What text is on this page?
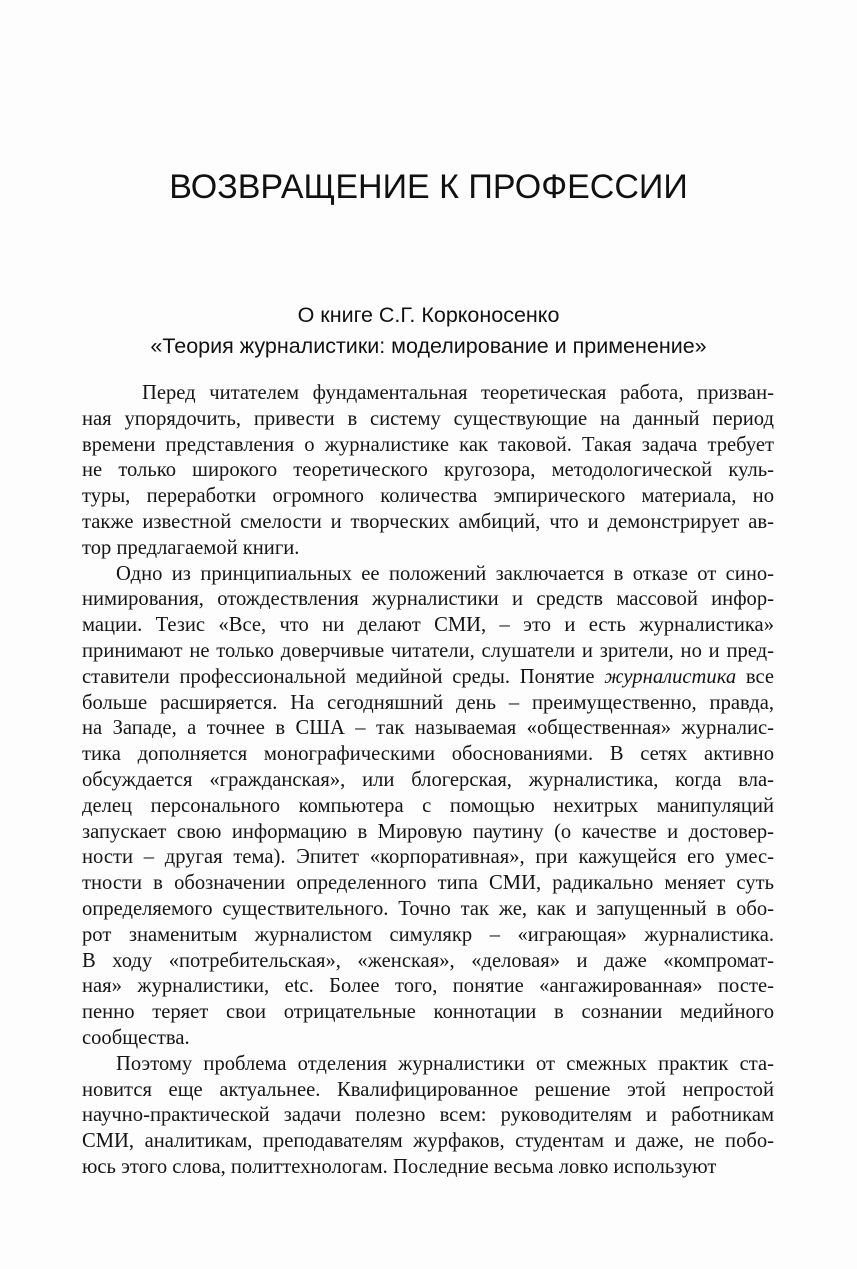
ВОЗВРАЩЕНИЕ К ПРОФЕССИИ
О книге С.Г. Корконосенко
«Теория журналистики: моделирование и применение»
Перед читателем фундаментальная теоретическая работа, призван-
ная упорядочить, привести в систему существующие на данный период
времени представления о журналистике как таковой. Такая задача требует
не только широкого теоретического кругозора, методологической куль-
туры, переработки огромного количества эмпирического материала, но
также известной смелости и творческих амбиций, что и демонстрирует ав-
тор предлагаемой книги.
Одно из принципиальных ее положений заключается в отказе от сино-
нимирования, отождествления журналистики и средств массовой инфор-
мации. Тезис «Все, что ни делают СМИ, – это и есть журналистика»
принимают не только доверчивые читатели, слушатели и зрители, но и пред-
ставители профессиональной медийной среды. Понятие журналистика все
больше расширяется. На сегодняшний день – преимущественно, правда,
на Западе, а точнее в США – так называемая «общественная» журналис-
тика дополняется монографическими обоснованиями. В сетях активно
обсуждается «гражданская», или блогерская, журналистика, когда вла-
делец персонального компьютера с помощью нехитрых манипуляций
запускает свою информацию в Мировую паутину (о качестве и достовер-
ности – другая тема). Эпитет «корпоративная», при кажущейся его умес-
тности в обозначении определенного типа СМИ, радикально меняет суть
определяемого существительного. Точно так же, как и запущенный в обо-
рот знаменитым журналистом симулякр – «играющая» журналистика.
В ходу «потребительская», «женская», «деловая» и даже «компромат-
ная» журналистики, etc. Более того, понятие «ангажированная» посте-
пенно теряет свои отрицательные коннотации в сознании медийного
сообщества.
Поэтому проблема отделения журналистики от смежных практик ста-
новится еще актуальнее. Квалифицированное решение этой непростой
научно-практической задачи полезно всем: руководителям и работникам
СМИ, аналитикам, преподавателям журфаков, студентам и даже, не побо-
юсь этого слова, политтехнологам. Последние весьма ловко используют
